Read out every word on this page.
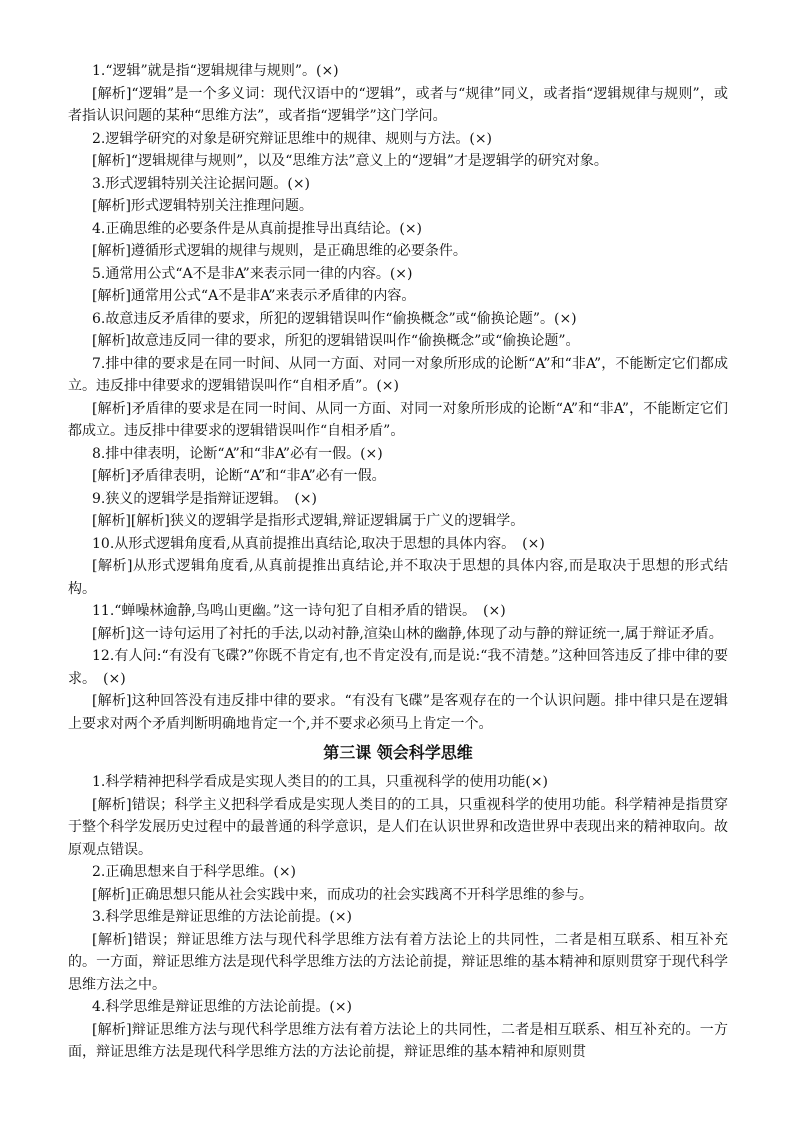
1.“逻辑”就是指“逻辑规律与规则”。(×)

[解析]“逻辑”是一个多义词：现代汉语中的“逻辑”，或者与“规律”同义，或者指“逻辑规律与规则”，或者指认识问题的某种“思维方法”，或者指“逻辑学”这门学问。

2.逻辑学研究的对象是研究辩证思维中的规律、规则与方法。(×)

[解析]“逻辑规律与规则”，以及“思维方法”意义上的“逻辑”才是逻辑学的研究对象。

3.形式逻辑特别关注论据问题。(×)

[解析]形式逻辑特别关注推理问题。

4.正确思维的必要条件是从真前提推导出真结论。(×)

[解析]遵循形式逻辑的规律与规则，是正确思维的必要条件。

5.通常用公式“A不是非A”来表示同一律的内容。(×)

[解析]通常用公式“A不是非A”来表示矛盾律的内容。

6.故意违反矛盾律的要求，所犯的逻辑错误叫作“偷换概念”或“偷换论题”。(×)

[解析]故意违反同一律的要求，所犯的逻辑错误叫作“偷换概念”或“偷换论题”。

7.排中律的要求是在同一时间、从同一方面、对同一对象所形成的论断“A”和“非A”，不能断定它们都成立。违反排中律要求的逻辑错误叫作“自相矛盾”。(×)

[解析]矛盾律的要求是在同一时间、从同一方面、对同一对象所形成的论断“A”和“非A”，不能断定它们都成立。违反排中律要求的逻辑错误叫作“自相矛盾”。

8.排中律表明，论断“A”和“非A”必有一假。(×)

[解析]矛盾律表明，论断“A”和“非A”必有一假。

9.狭义的逻辑学是指辩证逻辑。　(×)

[解析][解析]狭义的逻辑学是指形式逻辑,辩证逻辑属于广义的逻辑学。

10.从形式逻辑角度看,从真前提推出真结论,取决于思想的具体内容。　(×)

[解析]从形式逻辑角度看,从真前提推出真结论,并不取决于思想的具体内容,而是取决于思想的形式结构。

11.“蝉噪林逾静,鸟鸣山更幽。”这一诗句犯了自相矛盾的错误。　(×)

[解析]这一诗句运用了衬托的手法,以动衬静,渲染山林的幽静,体现了动与静的辩证统一,属于辩证矛盾。

12.有人问:“有没有飞碟?”你既不肯定有,也不肯定没有,而是说:“我不清楚。”这种回答违反了排中律的要求。　(×)

[解析]这种回答没有违反排中律的要求。“有没有飞碟”是客观存在的一个认识问题。排中律只是在逻辑上要求对两个矛盾判断明确地肯定一个,并不要求必须马上肯定一个。

第三课 领会科学思维

1.科学精神把科学看成是实现人类目的的工具，只重视科学的使用功能(×)

[解析]错误；科学主义把科学看成是实现人类目的的工具，只重视科学的使用功能。科学精神是指贯穿于整个科学发展历史过程中的最普通的科学意识，是人们在认识世界和改造世界中表现出来的精神取向。故原观点错误。

2.正确思想来自于科学思维。(×)

[解析]正确思想只能从社会实践中来，而成功的社会实践离不开科学思维的参与。

3.科学思维是辩证思维的方法论前提。(×)

[解析]错误；辩证思维方法与现代科学思维方法有着方法论上的共同性，二者是相互联系、相互补充的。一方面，辩证思维方法是现代科学思维方法的方法论前提，辩证思维的基本精神和原则贯穿于现代科学思维方法之中。

4.科学思维是辩证思维的方法论前提。(×)

[解析]辩证思维方法与现代科学思维方法有着方法论上的共同性，二者是相互联系、相互补充的。一方面，辩证思维方法是现代科学思维方法的方法论前提，辩证思维的基本精神和原则贯
